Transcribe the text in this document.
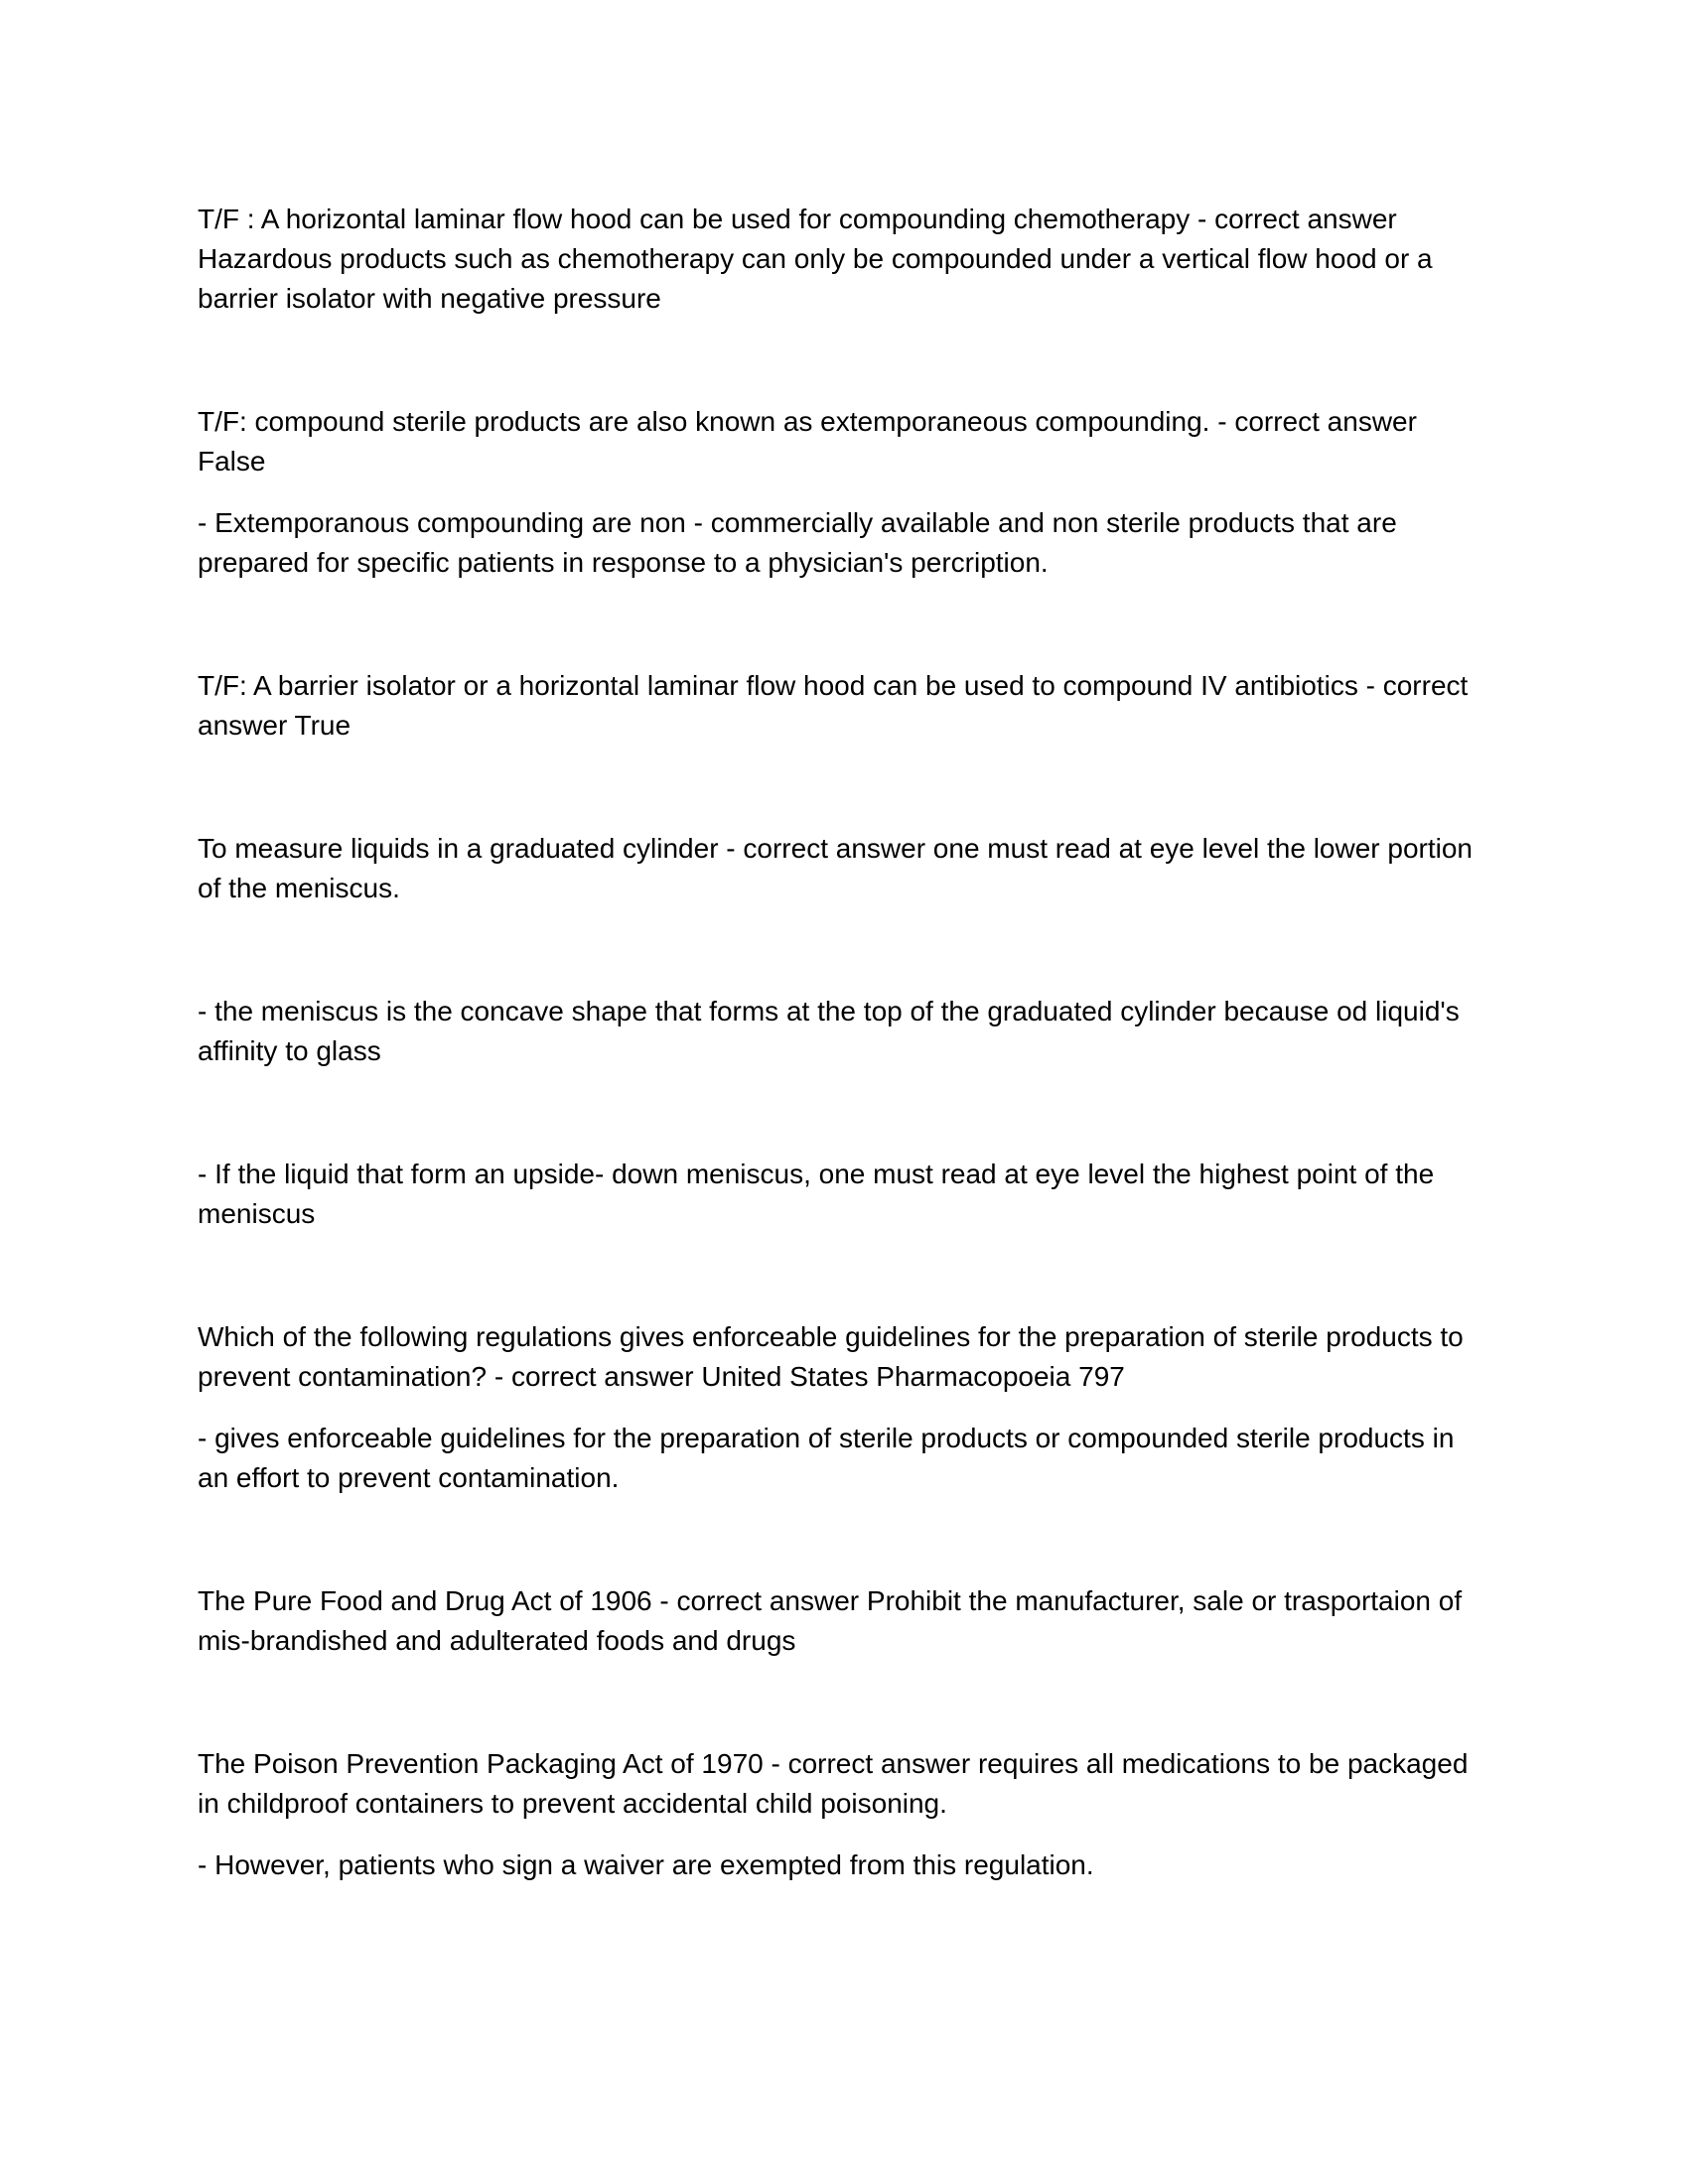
T/F : A horizontal laminar flow hood can be used for compounding chemotherapy - correct answer Hazardous products such as chemotherapy can only be compounded under a vertical flow hood or a barrier isolator with negative pressure

T/F: compound sterile products are also known as extemporaneous compounding. - correct answer False

- Extemporanous compounding are non - commercially available and non sterile products that are prepared for specific patients in response to a physician's percription.

T/F: A barrier isolator or a horizontal laminar flow hood can be used to compound IV antibiotics - correct answer True

To measure liquids in a graduated cylinder - correct answer one must read at eye level the lower portion of the meniscus.

- the meniscus is the concave shape that forms at the top of the graduated cylinder because od liquid's affinity to glass

- If the liquid that form an upside- down meniscus, one must read at eye level the highest point of the meniscus

Which of the following regulations gives enforceable guidelines for the preparation of sterile products to prevent contamination? - correct answer United States Pharmacopoeia 797

- gives enforceable guidelines for the preparation of sterile products or compounded sterile products in an effort to prevent contamination.

The Pure Food and Drug Act of 1906 - correct answer Prohibit the manufacturer, sale or trasportaion of mis-brandished and adulterated foods and drugs

The Poison Prevention Packaging Act of 1970 - correct answer requires all medications to be packaged in childproof containers to prevent accidental child poisoning.

- However, patients who sign a waiver are exempted from this regulation.
